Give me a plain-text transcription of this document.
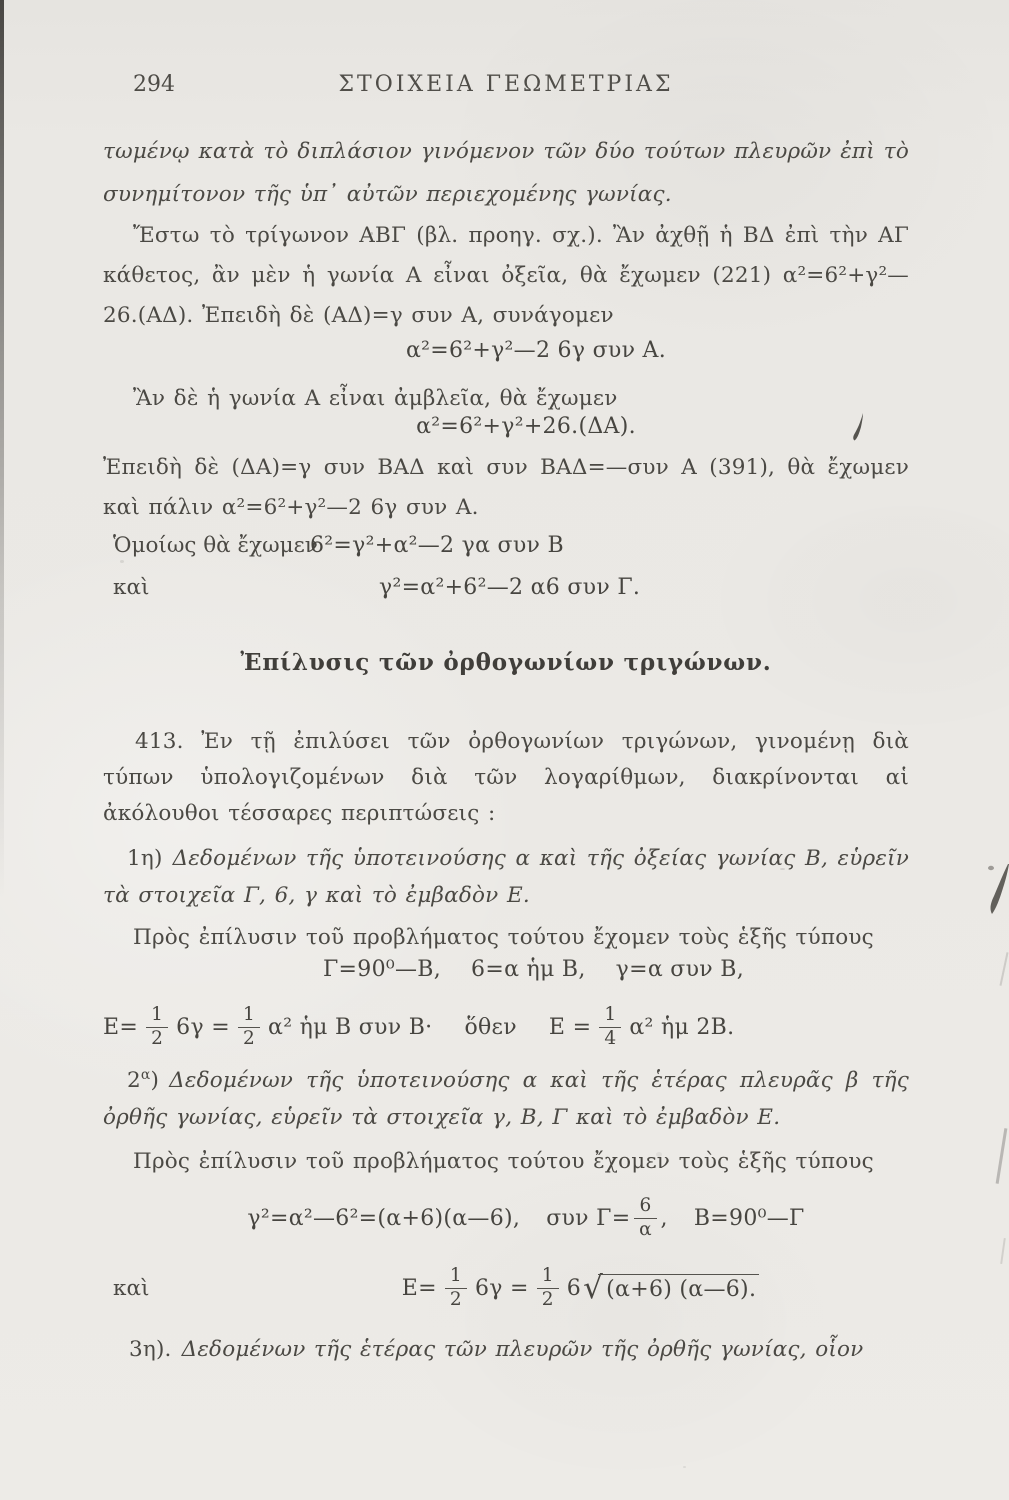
294	ΣΤΟΙΧΕΙΑ ΓΕΩΜΕΤΡΙΑΣ

τωμένῳ κατὰ τὸ διπλάσιον γινόμενον τῶν δύο τούτων πλευρῶν ἐπὶ τὸ συνημίτονον τῆς ὑπ᾽ αὐτῶν περιεχομένης γωνίας.

Ἔστω τὸ τρίγωνον ΑΒΓ (βλ. προηγ. σχ.). Ἂν ἀχθῇ ἡ ΒΔ ἐπὶ τὴν ΑΓ κάθετος, ἂν μὲν ἡ γωνία Α εἶναι ὀξεῖα, θὰ ἔχωμεν (221) α²=6²+γ²—26.(ΑΔ). Ἐπειδὴ δὲ (ΑΔ)=γ συν Α, συνάγομεν

α²=6²+γ²—2 6γ συν Α.

Ἂν δὲ ἡ γωνία Α εἶναι ἀμβλεῖα, θὰ ἔχωμεν

α²=6²+γ²+26.(ΔΑ).

Ἐπειδὴ δὲ (ΔΑ)=γ συν ΒΑΔ καὶ συν ΒΑΔ=—συν Α (391), θὰ ἔχωμεν καὶ πάλιν α²=6²+γ²—2 6γ συν Α.

Ὁμοίως θὰ ἔχωμεν
6²=γ²+α²—2 γα συν Β
καὶ	γ²=α²+6²—2 α6 συν Γ.
Ἐπίλυσις τῶν ὀρθογωνίων τριγώνων.

413. Ἐν τῇ ἐπιλύσει τῶν ὀρθογωνίων τριγώνων, γινομένῃ διὰ τύπων ὑπολογιζομένων διὰ τῶν λογαρίθμων, διακρίνονται αἱ ἀκόλουθοι τέσσαρες περιπτώσεις :

1η) Δεδομένων τῆς ὑποτεινούσης α καὶ τῆς ὀξείας γωνίας Β, εὑρεῖν τὰ στοιχεῖα Γ, 6, γ καὶ τὸ ἐμβαδὸν Ε.

Πρὸς ἐπίλυσιν τοῦ προβλήματος τούτου ἔχομεν τοὺς ἑξῆς τύπους

Γ=90⁰—Β, 6=α ἡμ Β, γ=α συν Β,
$E= \frac{1}{2} 6\gamma = \frac{1}{2} \alpha^2$ ἡμ Β συν Β· ὅθεν $E = \frac{1}{4} \alpha^2$ ἡμ 2Β.

$2^\alpha$) Δεδομένων τῆς ὑποτεινούσης α καὶ τῆς ἑτέρας πλευρᾶς β τῆς ὀρθῆς γωνίας, εὑρεῖν τὰ στοιχεῖα γ, Β, Γ καὶ τὸ ἐμβαδὸν Ε.

Πρὸς ἐπίλυσιν τοῦ προβλήματος τούτου ἔχομεν τοὺς ἑξῆς τύπους

γ²=α²—6²=(α+6)(α—6), συν $\Gamma= \frac{6}{\alpha}$ , Β=90⁰—Γ
καὶ	$E= \frac{1}{2} 6\gamma = \frac{1}{2} 6$ √ (α+6) (α—6).

3η). Δεδομένων τῆς ἑτέρας τῶν πλευρῶν τῆς ὀρθῆς γωνίας, οἷον
